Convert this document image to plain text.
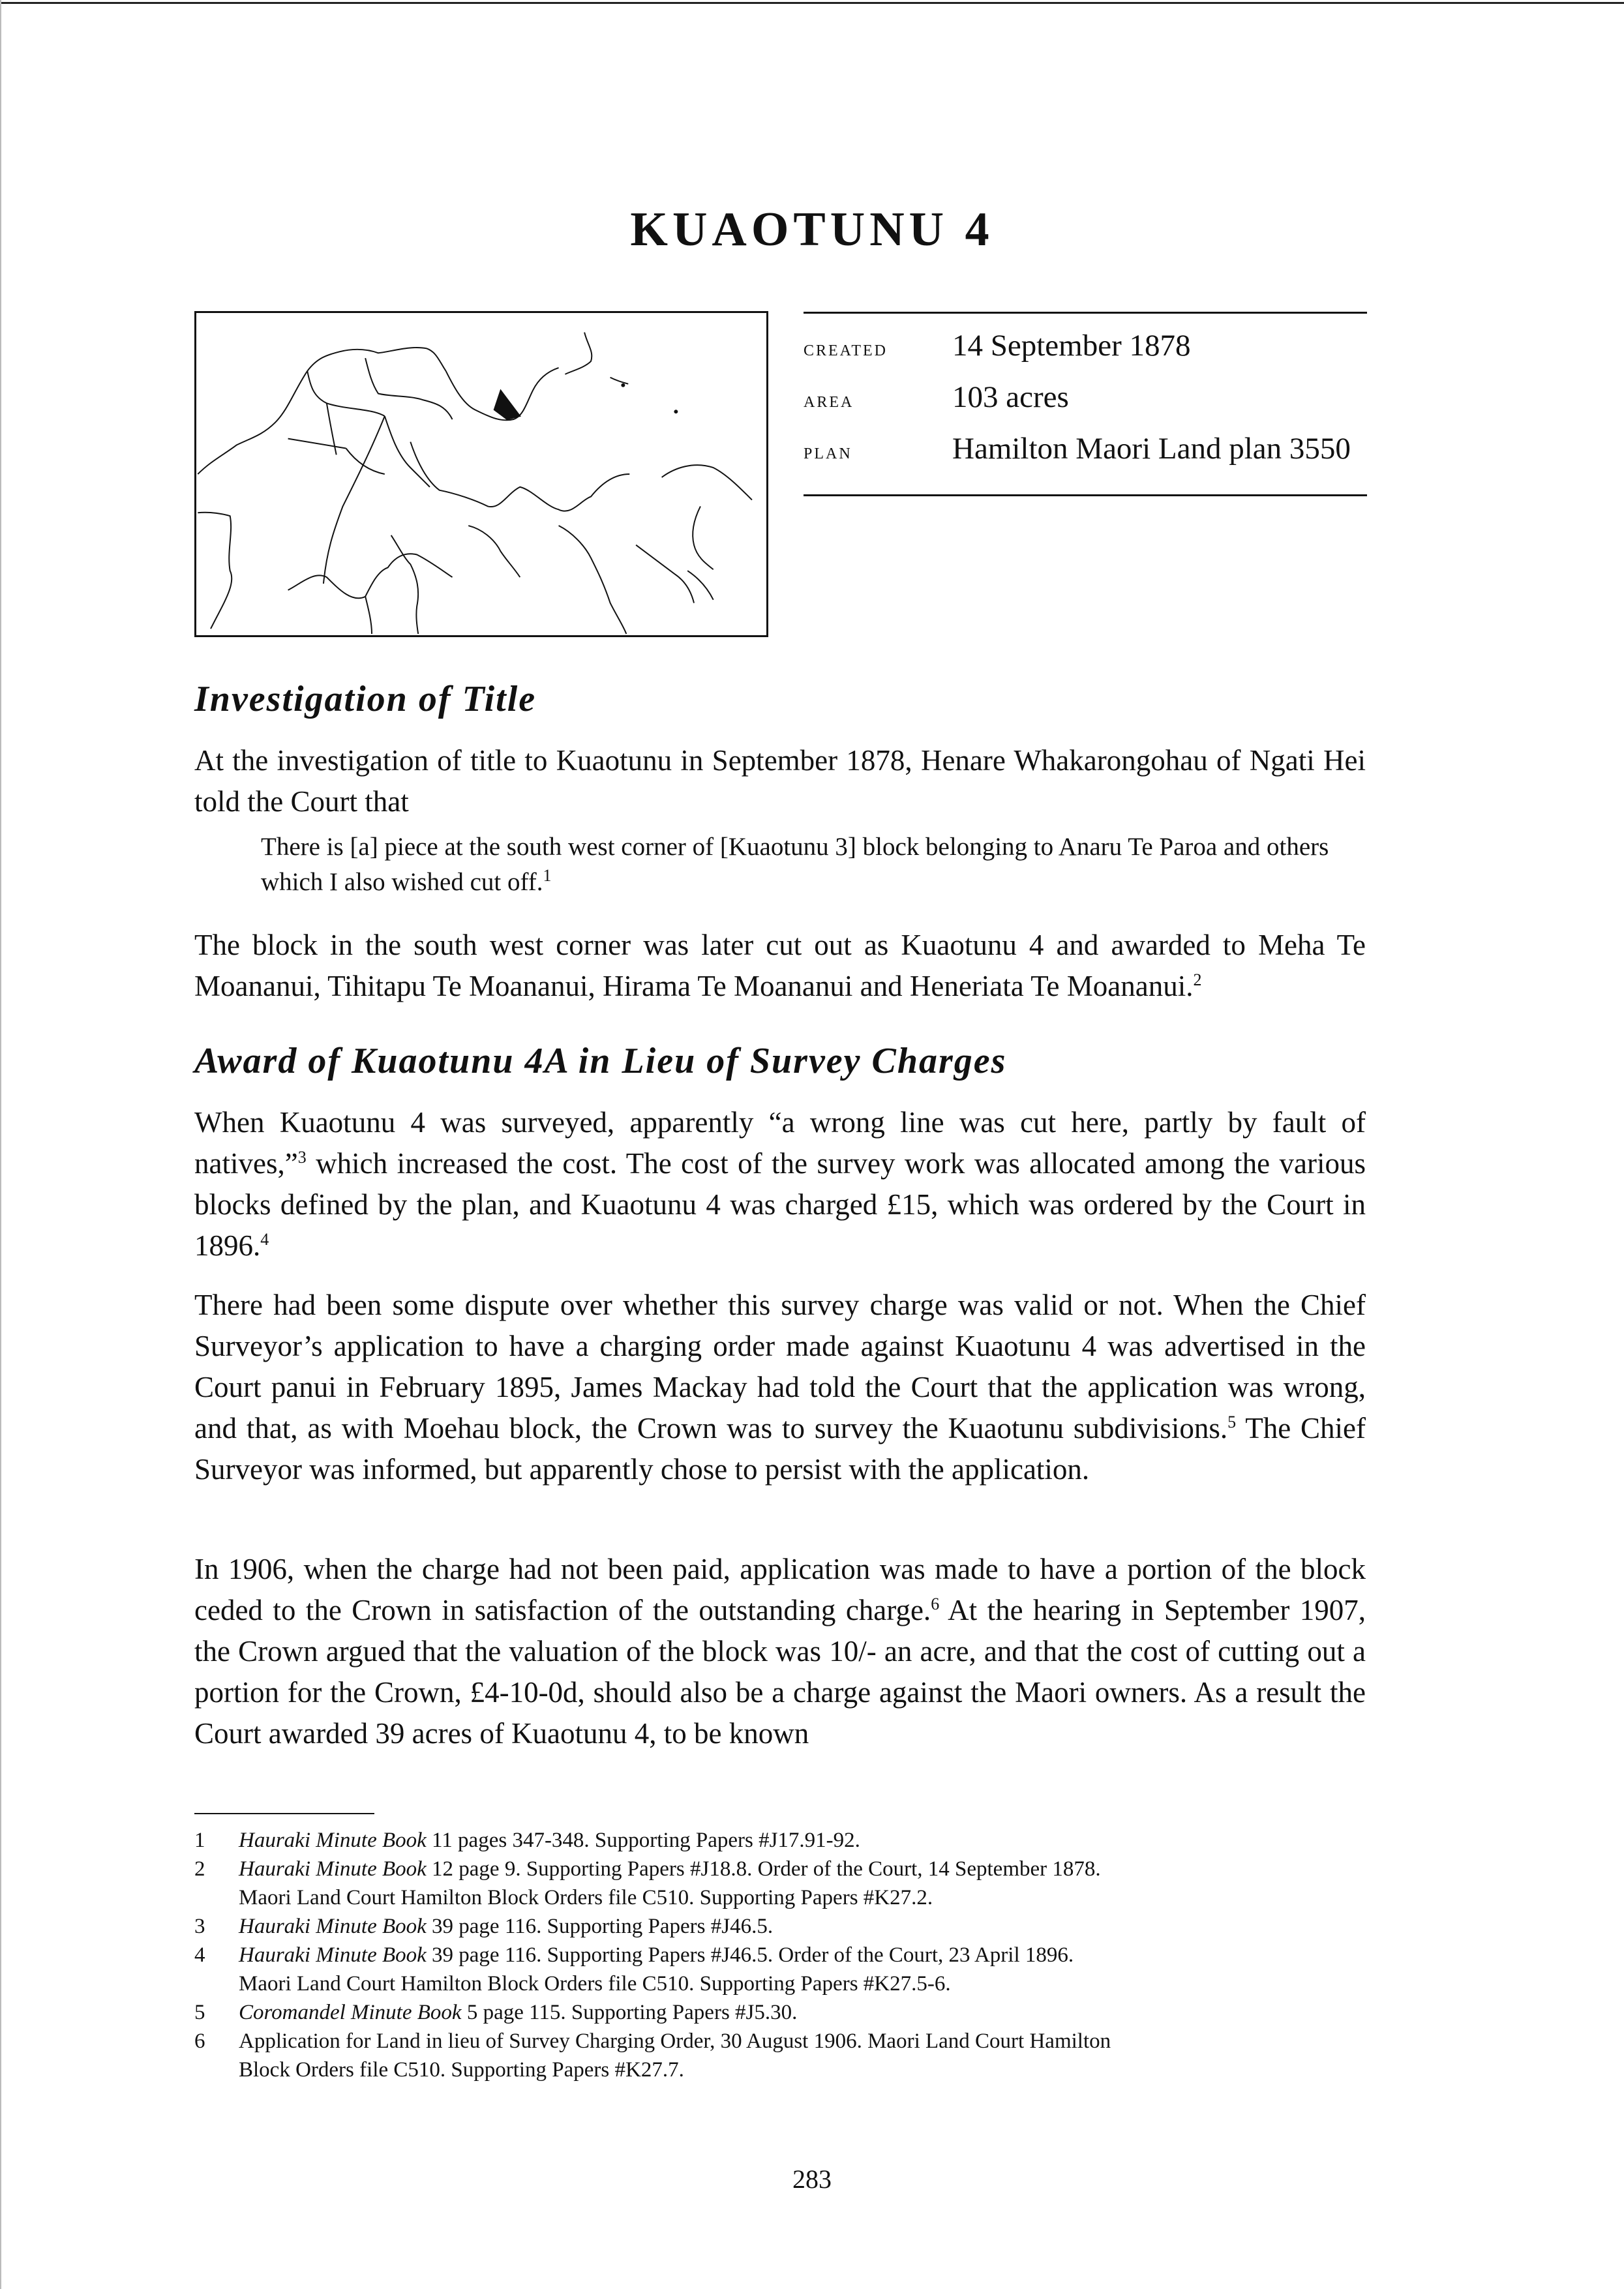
KUAOTUNU 4
created	14 September 1878
area	103 acres
plan	Hamilton Maori Land plan 3550
Investigation of Title

At the investigation of title to Kuaotunu in September 1878, Henare Whakarongohau of Ngati Hei told the Court that

There is [a] piece at the south west corner of [Kuaotunu 3] block belonging to Anaru Te Paroa and others which I also wished cut off.$^1$

The block in the south west corner was later cut out as Kuaotunu 4 and awarded to Meha Te Moananui, Tihitapu Te Moananui, Hirama Te Moananui and Heneriata Te Moananui.$^2$

Award of Kuaotunu 4A in Lieu of Survey Charges

When Kuaotunu 4 was surveyed, apparently “a wrong line was cut here, partly by fault of natives,”$^3$ which increased the cost. The cost of the survey work was allocated among the various blocks defined by the plan, and Kuaotunu 4 was charged £15, which was ordered by the Court in 1896.$^4$

There had been some dispute over whether this survey charge was valid or not. When the Chief Surveyor’s application to have a charging order made against Kuaotunu 4 was advertised in the Court panui in February 1895, James Mackay had told the Court that the application was wrong, and that, as with Moehau block, the Crown was to survey the Kuaotunu subdivisions.$^5$ The Chief Surveyor was informed, but apparently chose to persist with the application.

In 1906, when the charge had not been paid, application was made to have a portion of the block ceded to the Crown in satisfaction of the outstanding charge.$^6$ At the hearing in September 1907, the Crown argued that the valuation of the block was 10/- an acre, and that the cost of cutting out a portion for the Crown, £4-10-0d, should also be a charge against the Maori owners. As a result the Court awarded 39 acres of Kuaotunu 4, to be known

1	Hauraki Minute Book 11 pages 347-348. Supporting Papers #J17.91-92.
2	Hauraki Minute Book 12 page 9. Supporting Papers #J18.8. Order of the Court, 14 September 1878.
Maori Land Court Hamilton Block Orders file C510. Supporting Papers #K27.2.
3	Hauraki Minute Book 39 page 116. Supporting Papers #J46.5.
4	Hauraki Minute Book 39 page 116. Supporting Papers #J46.5. Order of the Court, 23 April 1896.
Maori Land Court Hamilton Block Orders file C510. Supporting Papers #K27.5-6.
5	Coromandel Minute Book 5 page 115. Supporting Papers #J5.30.
6	Application for Land in lieu of Survey Charging Order, 30 August 1906. Maori Land Court Hamilton
Block Orders file C510. Supporting Papers #K27.7.
283
